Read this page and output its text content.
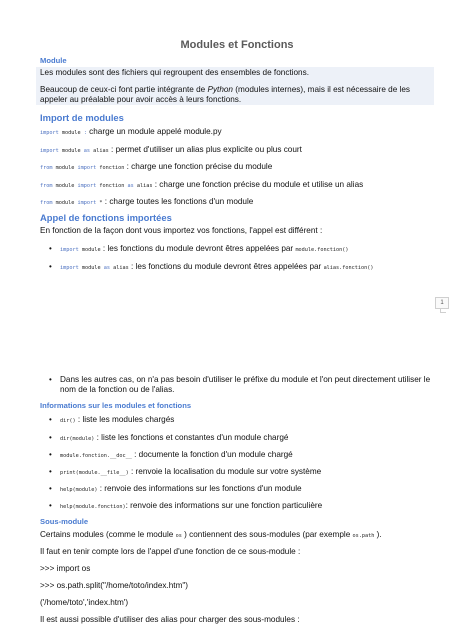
Modules et Fonctions
Module
Les modules sont des fichiers qui regroupent des ensembles de fonctions.
Beaucoup de ceux-ci font partie intégrante de Python (modules internes), mais il est nécessaire de les
appeler au préalable pour avoir accès à leurs fonctions.
Import de modules
import module : charge un module appelé module.py
import module as alias : permet d'utiliser un alias plus explicite ou plus court
from module import fonction : charge une fonction précise du module
from module import fonction as alias : charge une fonction précise du module et utilise un alias
from module import * : charge toutes les fonctions d'un module
Appel de fonctions importées
En fonction de la façon dont vous importez vos fonctions, l'appel est différent :
• import module : les fonctions du module devront êtres appelées par module.fonction()
• import module as alias : les fonctions du module devront êtres appelées par alias.fonction()
1
• Dans les autres cas, on n'a pas besoin d'utiliser le préfixe du module et l'on peut directement utiliser le
nom de la fonction ou de l'alias.
Informations sur les modules et fonctions
• dir() : liste les modules chargés
• dir(module) : liste les fonctions et constantes d'un module chargé
• module.fonction.__doc__ : documente la fonction d'un module chargé
• print(module.__file__) : renvoie la localisation du module sur votre système
• help(module) : renvoie des informations sur les fonctions d'un module
• help(module.fonction): renvoie des informations sur une fonction particulière
Sous-module
Certains modules (comme le module os ) contiennent des sous-modules (par exemple os.path ).
Il faut en tenir compte lors de l'appel d'une fonction de ce sous-module :
>>> import os
>>> os.path.split("/home/toto/index.htm")
('/home/toto','index.htm')
Il est aussi possible d'utiliser des alias pour charger des sous-modules :
